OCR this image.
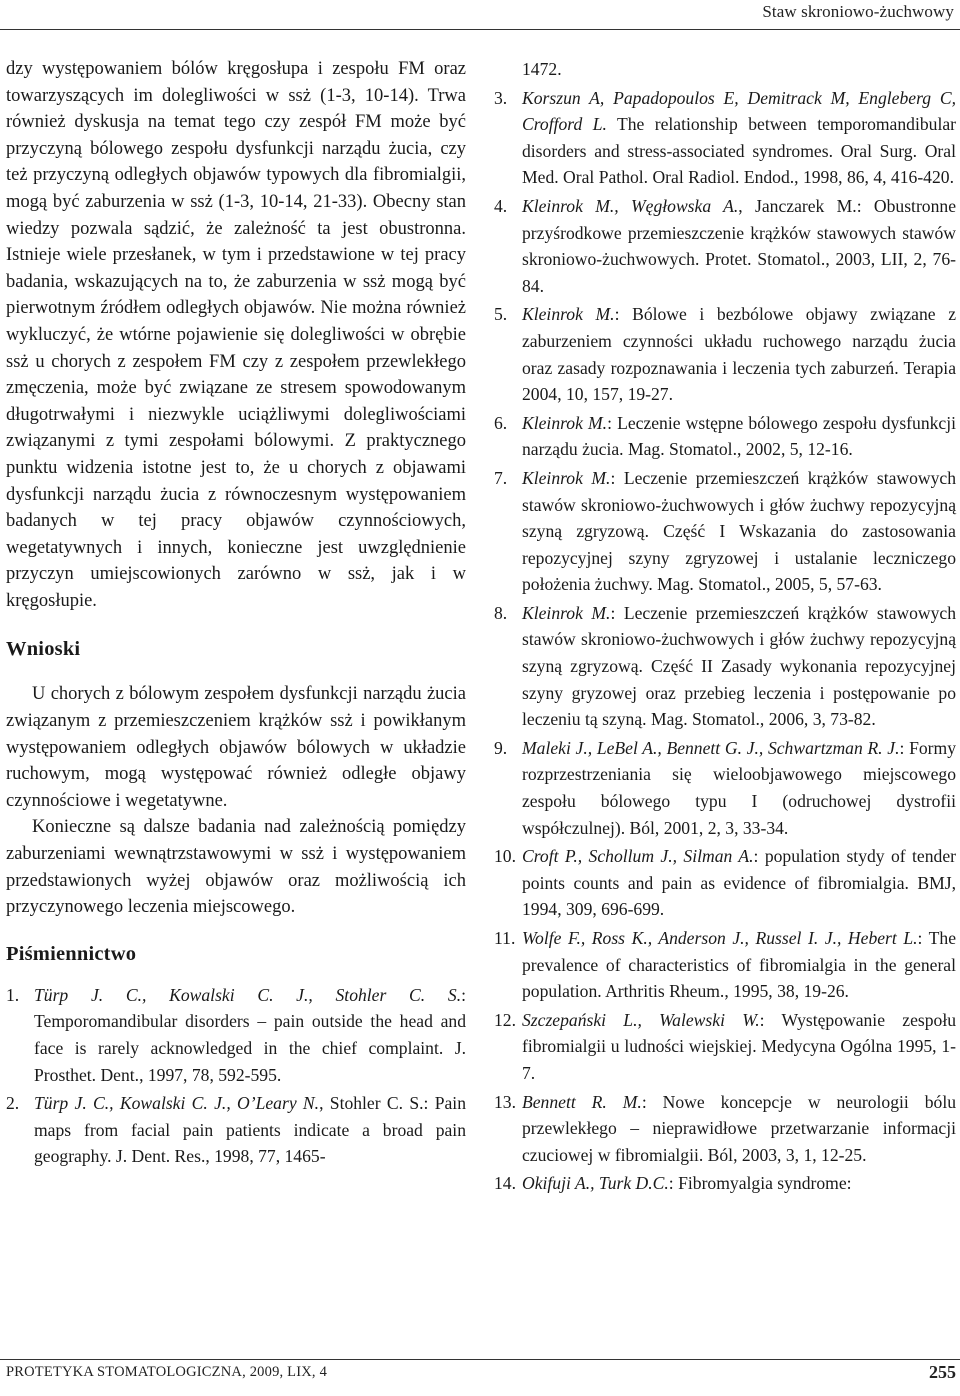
Staw skroniowo-żuchwowy

dzy występowaniem bólów kręgosłupa i zespołu FM oraz towarzyszących im dolegliwości w ssż (1-3, 10-14). Trwa również dyskusja na temat tego czy zespół FM może być przyczyną bólowego zespołu dysfunkcji narządu żucia, czy też przyczyną odległych objawów typowych dla fibromialgii, mogą być zaburzenia w ssż (1-3, 10-14, 21-33). Obecny stan wiedzy pozwala sądzić, że zależność ta jest obustronna. Istnieje wiele przesłanek, w tym i przedstawione w tej pracy badania, wskazujących na to, że zaburzenia w ssż mogą być pierwotnym źródłem odległych objawów. Nie można również wykluczyć, że wtórne pojawienie się dolegliwości w obrębie ssż u chorych z zespołem FM czy z zespołem przewlekłego zmęczenia, może być związane ze stresem spowodowanym długotrwałymi i niezwykle uciążliwymi dolegliwościami związanymi z tymi zespołami bólowymi. Z praktycznego punktu widzenia istotne jest to, że u chorych z objawami dysfunkcji narządu żucia z równoczesnym występowaniem badanych w tej pracy objawów czynnościowych, wegetatywnych i innych, konieczne jest uwzględnienie przyczyn umiejscowionych zarówno w ssż, jak i w kręgosłupie.

Wnioski

U chorych z bólowym zespołem dysfunkcji narządu żucia związanym z przemieszczeniem krążków ssż i powikłanym występowaniem odległych objawów bólowych w układzie ruchowym, mogą występować również odległe objawy czynnościowe i wegetatywne.

Konieczne są dalsze badania nad zależnością pomiędzy zaburzeniami wewnątrzstawowymi w ssż i występowaniem przedstawionych wyżej objawów oraz możliwością ich przyczynowego leczenia miejscowego.

Piśmiennictwo
1. Türp J. C., Kowalski C. J., Stohler C. S.: Temporomandibular disorders – pain outside the head and face is rarely acknowledged in the chief complaint. J. Prosthet. Dent., 1997, 78, 592-595.
2. Türp J. C., Kowalski C. J., O’Leary N., Stohler C. S.: Pain maps from facial pain patients indicate a broad pain geography. J. Dent. Res., 1998, 77, 1465-
1472.
3. Korszun A, Papadopoulos E, Demitrack M, Engleberg C, Crofford L. The relationship between temporomandibular disorders and stress-associated syndromes. Oral Surg. Oral Med. Oral Pathol. Oral Radiol. Endod., 1998, 86, 4, 416-420.
4. Kleinrok M., Węgłowska A., Janczarek M.: Obustronne przyśrodkowe przemieszczenie krążków stawowych stawów skroniowo-żuchwowych. Protet. Stomatol., 2003, LII, 2, 76-84.
5. Kleinrok M.: Bólowe i bezbólowe objawy związane z zaburzeniem czynności układu ruchowego narządu żucia oraz zasady rozpoznawania i leczenia tych zaburzeń. Terapia 2004, 10, 157, 19-27.
6. Kleinrok M.: Leczenie wstępne bólowego zespołu dysfunkcji narządu żucia. Mag. Stomatol., 2002, 5, 12-16.
7. Kleinrok M.: Leczenie przemieszczeń krążków stawowych stawów skroniowo-żuchwowych i głów żuchwy repozycyjną szyną zgryzową. Część I Wskazania do zastosowania repozycyjnej szyny zgryzowej i ustalanie leczniczego położenia żuchwy. Mag. Stomatol., 2005, 5, 57-63.
8. Kleinrok M.: Leczenie przemieszczeń krążków stawowych stawów skroniowo-żuchwowych i głów żuchwy repozycyjną szyną zgryzową. Część II Zasady wykonania repozycyjnej szyny gryzowej oraz przebieg leczenia i postępowanie po leczeniu tą szyną. Mag. Stomatol., 2006, 3, 73-82.
9. Maleki J., LeBel A., Bennett G. J., Schwartzman R. J.: Formy rozprzestrzeniania się wieloobjawowego miejscowego zespołu bólowego typu I (odruchowej dystrofii współczulnej). Ból, 2001, 2, 3, 33-34.
10. Croft P., Schollum J., Silman A.: population stydy of tender points counts and pain as evidence of fibromialgia. BMJ, 1994, 309, 696-699.
11. Wolfe F., Ross K., Anderson J., Russel I. J., Hebert L.: The prevalence of characteristics of fibromialgia in the general population. Arthritis Rheum., 1995, 38, 19-26.
12. Szczepański L., Walewski W.: Występowanie zespołu fibromialgii u ludności wiejskiej. Medycyna Ogólna 1995, 1-7.
13. Bennett R. M.: Nowe koncepcje w neurologii bólu przewlekłego – nieprawidłowe przetwarzanie informacji czuciowej w fibromialgii. Ból, 2003, 3, 1, 12-25.
14. Okifuji A., Turk D.C.: Fibromyalgia syndrome:
PROTETYKA STOMATOLOGICZNA, 2009, LIX, 4	255
